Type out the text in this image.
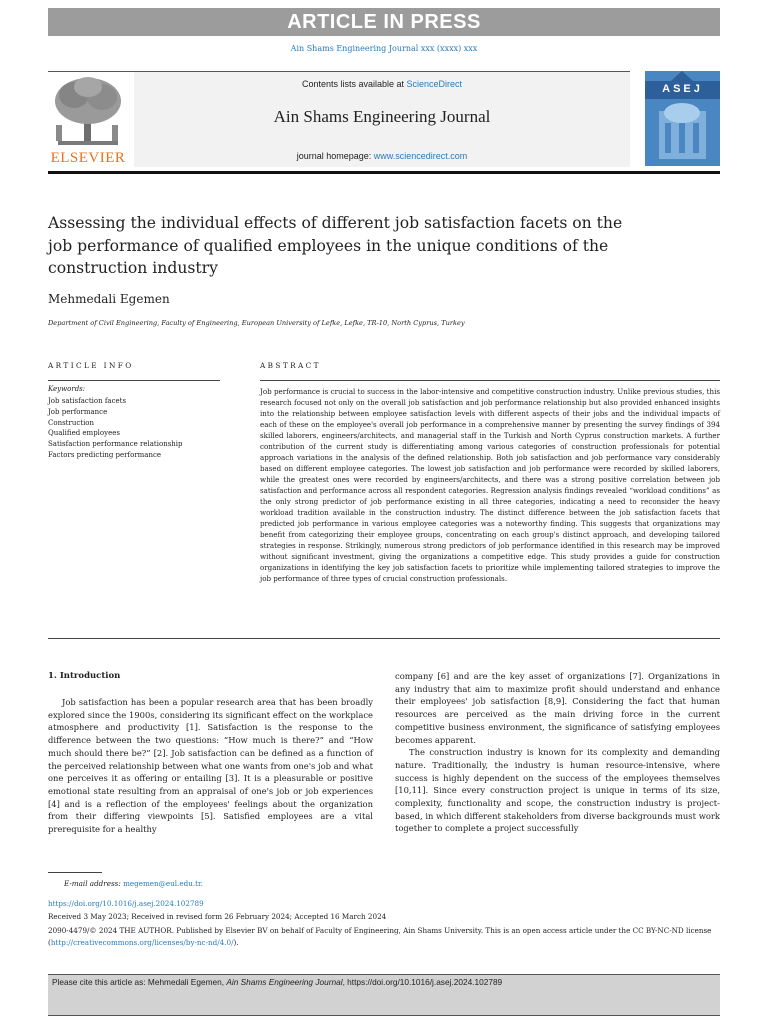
ARTICLE IN PRESS
Ain Shams Engineering Journal xxx (xxxx) xxx
ELSEVIER
Contents lists available at ScienceDirect
Ain Shams Engineering Journal
journal homepage: www.sciencedirect.com
ASEJ
Assessing the individual effects of different job satisfaction facets on the job performance of qualified employees in the unique conditions of the construction industry
Mehmedali Egemen
Department of Civil Engineering, Faculty of Engineering, European University of Lefke, Lefke, TR-10, North Cyprus, Turkey
ARTICLE INFO	ABSTRACT
Keywords:
Job satisfaction facets
Job performance
Construction
Qualified employees
Satisfaction performance relationship
Factors predicting performance
Job performance is crucial to success in the labor-intensive and competitive construction industry. Unlike previous studies, this research focused not only on the overall job satisfaction and job performance relationship but also provided enhanced insights into the relationship between employee satisfaction levels with different aspects of their jobs and the individual impacts of each of these on the employee's overall job performance in a comprehensive manner by presenting the survey findings of 394 skilled laborers, engineers/architects, and managerial staff in the Turkish and North Cyprus construction markets. A further contribution of the current study is differentiating among various categories of construction professionals for potential approach variations in the analysis of the defined relationship. Both job satisfaction and job performance vary considerably based on different employee categories. The lowest job satisfaction and job performance were recorded by skilled laborers, while the greatest ones were recorded by engineers/architects, and there was a strong positive correlation between job satisfaction and performance across all respondent categories. Regression analysis findings revealed “workload conditions” as the only strong predictor of job performance existing in all three categories, indicating a need to reconsider the heavy workload tradition available in the construction industry. The distinct difference between the job satisfaction facets that predicted job performance in various employee categories was a noteworthy finding. This suggests that organizations may benefit from categorizing their employee groups, concentrating on each group's distinct approach, and developing tailored strategies in response. Strikingly, numerous strong predictors of job performance identified in this research may be improved without significant investment, giving the organizations a competitive edge. This study provides a guide for construction organizations in identifying the key job satisfaction facets to prioritize while implementing tailored strategies to improve the job performance of three types of crucial construction professionals.
1. Introduction

Job satisfaction has been a popular research area that has been broadly explored since the 1900s, considering its significant effect on the workplace atmosphere and productivity [1]. Satisfaction is the response to the difference between the two questions: “How much is there?” and “How much should there be?” [2]. Job satisfaction can be defined as a function of the perceived relationship between what one wants from one's job and what one perceives it as offering or entailing [3]. It is a pleasurable or positive emotional state resulting from an appraisal of one's job or job experiences [4] and is a reflection of the employees' feelings about the organization from their differing viewpoints [5]. Satisfied employees are a vital prerequisite for a healthy

company [6] and are the key asset of organizations [7]. Organizations in any industry that aim to maximize profit should understand and enhance their employees' job satisfaction [8,9]. Considering the fact that human resources are perceived as the main driving force in the current competitive business environment, the significance of satisfying employees becomes apparent.

The construction industry is known for its complexity and demanding nature. Traditionally, the industry is human resource-intensive, where success is highly dependent on the success of the employees themselves [10,11]. Since every construction project is unique in terms of its size, complexity, functionality and scope, the construction industry is project-based, in which different stakeholders from diverse backgrounds must work together to complete a project successfully

E-mail address: megemen@eul.edu.tr.
https://doi.org/10.1016/j.asej.2024.102789
Received 3 May 2023; Received in revised form 26 February 2024; Accepted 16 March 2024
2090-4479/© 2024 THE AUTHOR. Published by Elsevier BV on behalf of Faculty of Engineering, Ain Shams University. This is an open access article under the CC BY-NC-ND license (http://creativecommons.org/licenses/by-nc-nd/4.0/).
Please cite this article as: Mehmedali Egemen, Ain Shams Engineering Journal, https://doi.org/10.1016/j.asej.2024.102789
